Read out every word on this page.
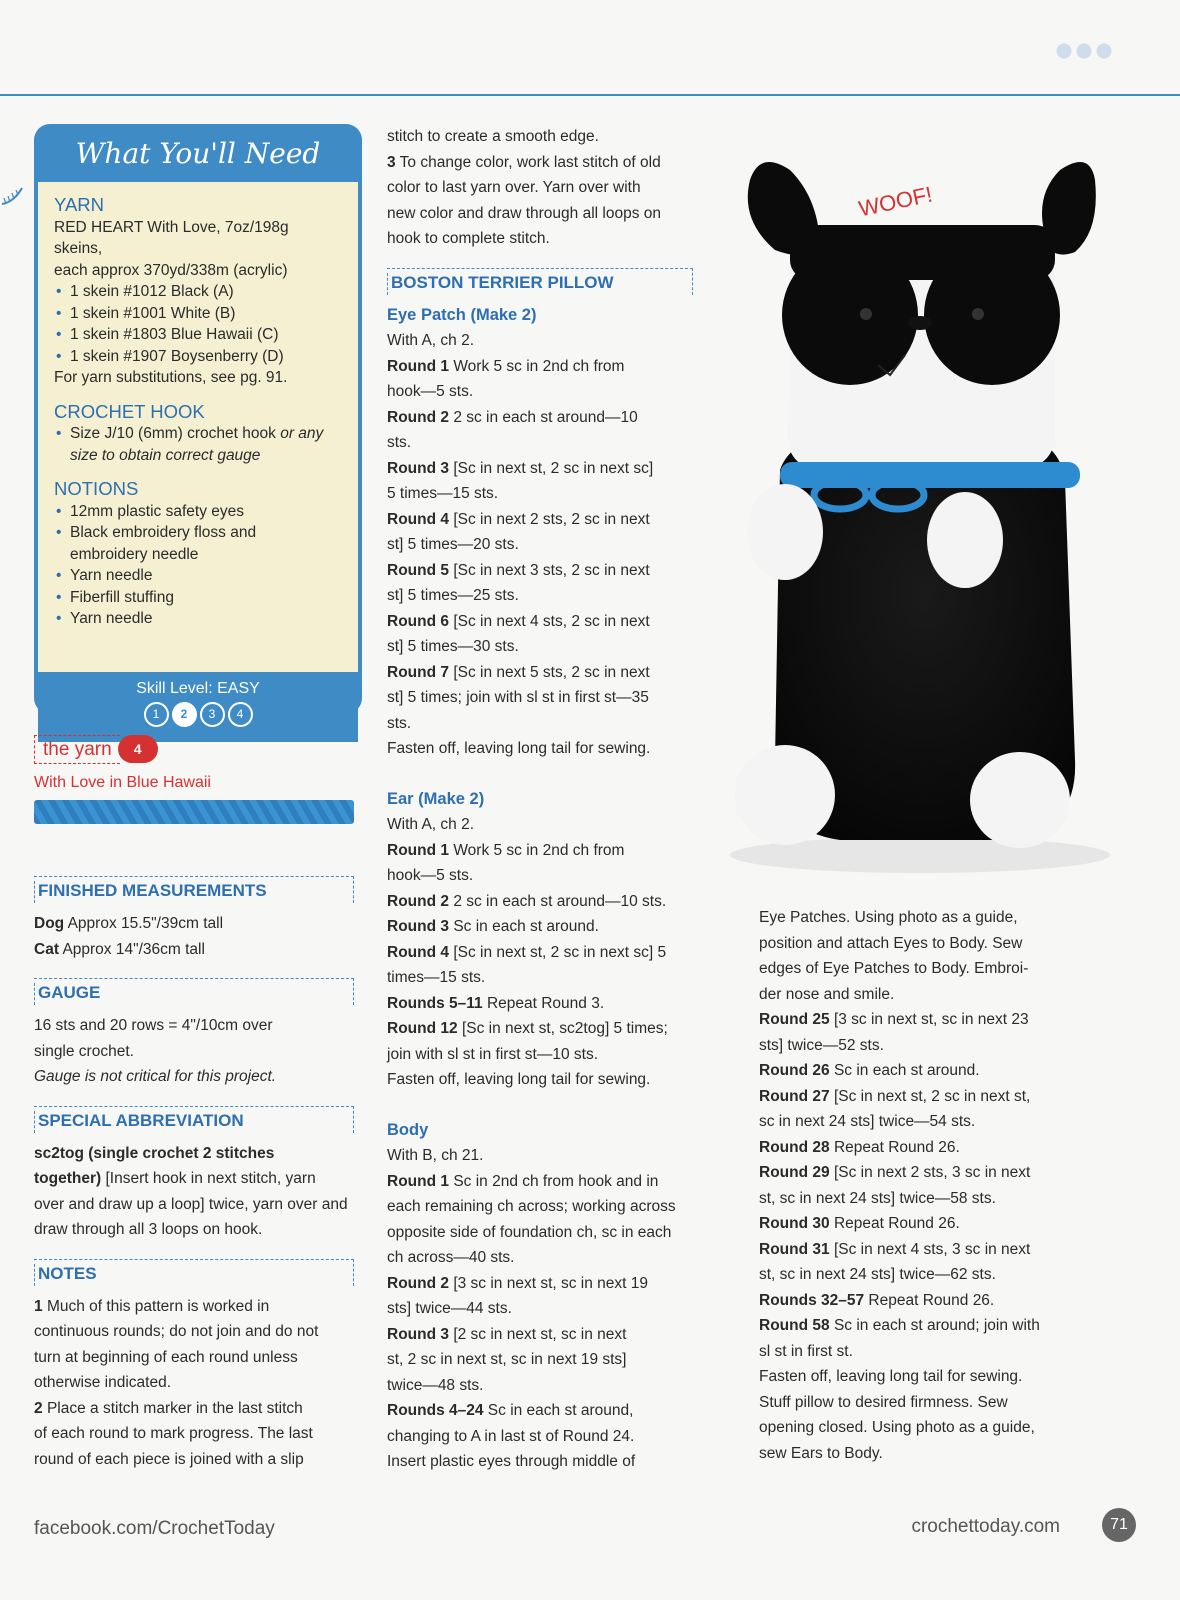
What You'll Need
YARN
RED HEART With Love, 7oz/198g skeins,
each approx 370yd/338m (acrylic)
• 1 skein #1012 Black (A)
• 1 skein #1001 White (B)
• 1 skein #1803 Blue Hawaii (C)
• 1 skein #1907 Boysenberry (D)
For yarn substitutions, see pg. 91.
CROCHET HOOK
• Size J/10 (6mm) crochet hook or any
size to obtain correct gauge
NOTIONS
• 12mm plastic safety eyes
• Black embroidery floss and
embroidery needle
• Yarn needle
• Fiberfill stuffing
• Yarn needle
Skill Level: EASY
1	2	3	4
the yarn	4
With Love in Blue Hawaii
FINISHED MEASUREMENTS

Dog Approx 15.5"/39cm tall

Cat Approx 14"/36cm tall

GAUGE

16 sts and 20 rows = 4"/10cm over

single crochet.

Gauge is not critical for this project.

SPECIAL ABBREVIATION

sc2tog (single crochet 2 stitches

together) [Insert hook in next stitch, yarn

over and draw up a loop] twice, yarn over and

draw through all 3 loops on hook.

NOTES

1 Much of this pattern is worked in

continuous rounds; do not join and do not

turn at beginning of each round unless

otherwise indicated.

2 Place a stitch marker in the last stitch

of each round to mark progress. The last

round of each piece is joined with a slip

stitch to create a smooth edge.

3 To change color, work last stitch of old

color to last yarn over. Yarn over with

new color and draw through all loops on

hook to complete stitch.

BOSTON TERRIER PILLOW
Eye Patch (Make 2)

With A, ch 2.

Round 1 Work 5 sc in 2nd ch from

hook—5 sts.

Round 2 2 sc in each st around—10

sts.

Round 3 [Sc in next st, 2 sc in next sc]

5 times—15 sts.

Round 4 [Sc in next 2 sts, 2 sc in next

st] 5 times—20 sts.

Round 5 [Sc in next 3 sts, 2 sc in next

st] 5 times—25 sts.

Round 6 [Sc in next 4 sts, 2 sc in next

st] 5 times—30 sts.

Round 7 [Sc in next 5 sts, 2 sc in next

st] 5 times; join with sl st in first st—35

sts.

Fasten off, leaving long tail for sewing.

Ear (Make 2)

With A, ch 2.

Round 1 Work 5 sc in 2nd ch from

hook—5 sts.

Round 2 2 sc in each st around—10 sts.

Round 3 Sc in each st around.

Round 4 [Sc in next st, 2 sc in next sc] 5

times—15 sts.

Rounds 5–11 Repeat Round 3.

Round 12 [Sc in next st, sc2tog] 5 times;

join with sl st in first st—10 sts.

Fasten off, leaving long tail for sewing.

Body

With B, ch 21.

Round 1 Sc in 2nd ch from hook and in

each remaining ch across; working across

opposite side of foundation ch, sc in each

ch across—40 sts.

Round 2 [3 sc in next st, sc in next 19

sts] twice—44 sts.

Round 3 [2 sc in next st, sc in next

st, 2 sc in next st, sc in next 19 sts]

twice—48 sts.

Rounds 4–24 Sc in each st around,

changing to A in last st of Round 24.

Insert plastic eyes through middle of

WOOF!

Eye Patches. Using photo as a guide,

position and attach Eyes to Body. Sew

edges of Eye Patches to Body. Embroi-

der nose and smile.

Round 25 [3 sc in next st, sc in next 23

sts] twice—52 sts.

Round 26 Sc in each st around.

Round 27 [Sc in next st, 2 sc in next st,

sc in next 24 sts] twice—54 sts.

Round 28 Repeat Round 26.

Round 29 [Sc in next 2 sts, 3 sc in next

st, sc in next 24 sts] twice—58 sts.

Round 30 Repeat Round 26.

Round 31 [Sc in next 4 sts, 3 sc in next

st, sc in next 24 sts] twice—62 sts.

Rounds 32–57 Repeat Round 26.

Round 58 Sc in each st around; join with

sl st in first st.

Fasten off, leaving long tail for sewing.

Stuff pillow to desired firmness. Sew

opening closed. Using photo as a guide,

sew Ears to Body.

facebook.com/CrochetToday	crochettoday.com	71
